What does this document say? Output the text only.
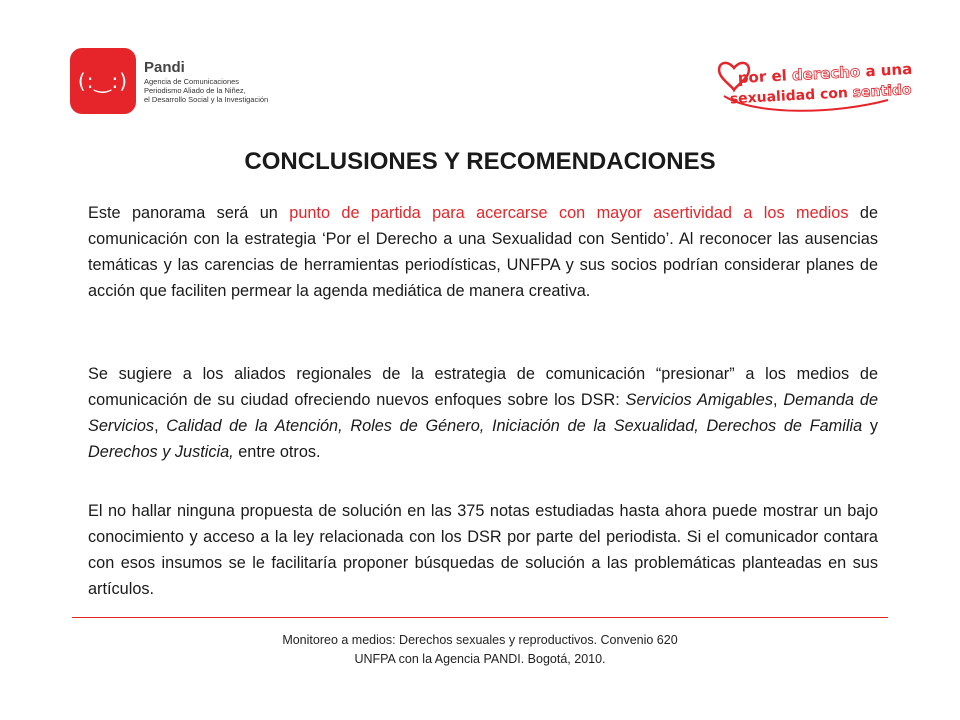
(:‿:)
Pandi
Agencia de Comunicaciones
Periodismo Aliado de la Niñez,
el Desarrollo Social y la Investigación
por el derecho a una
sexualidad con sentido
CONCLUSIONES Y RECOMENDACIONES

Este panorama será un punto de partida para acercarse con mayor asertividad a los medios de comunicación con la estrategia ‘Por el Derecho a una Sexualidad con Sentido’. Al reconocer las ausencias temáticas y las carencias de herramientas periodísticas, UNFPA y sus socios podrían considerar planes de acción que faciliten permear la agenda mediática de manera creativa.

Se sugiere a los aliados regionales de la estrategia de comunicación “presionar” a los medios de comunicación de su ciudad ofreciendo nuevos enfoques sobre los DSR: Servicios Amigables, Demanda de Servicios, Calidad de la Atención, Roles de Género, Iniciación de la Sexualidad, Derechos de Familia y Derechos y Justicia, entre otros.

El no hallar ninguna propuesta de solución en las 375 notas estudiadas hasta ahora puede mostrar un bajo conocimiento y acceso a la ley relacionada con los DSR por parte del periodista. Si el comunicador contara con esos insumos se le facilitaría proponer búsquedas de solución a las problemáticas planteadas en sus artículos.

Monitoreo a medios: Derechos sexuales y reproductivos. Convenio 620
UNFPA con la Agencia PANDI. Bogotá, 2010.
